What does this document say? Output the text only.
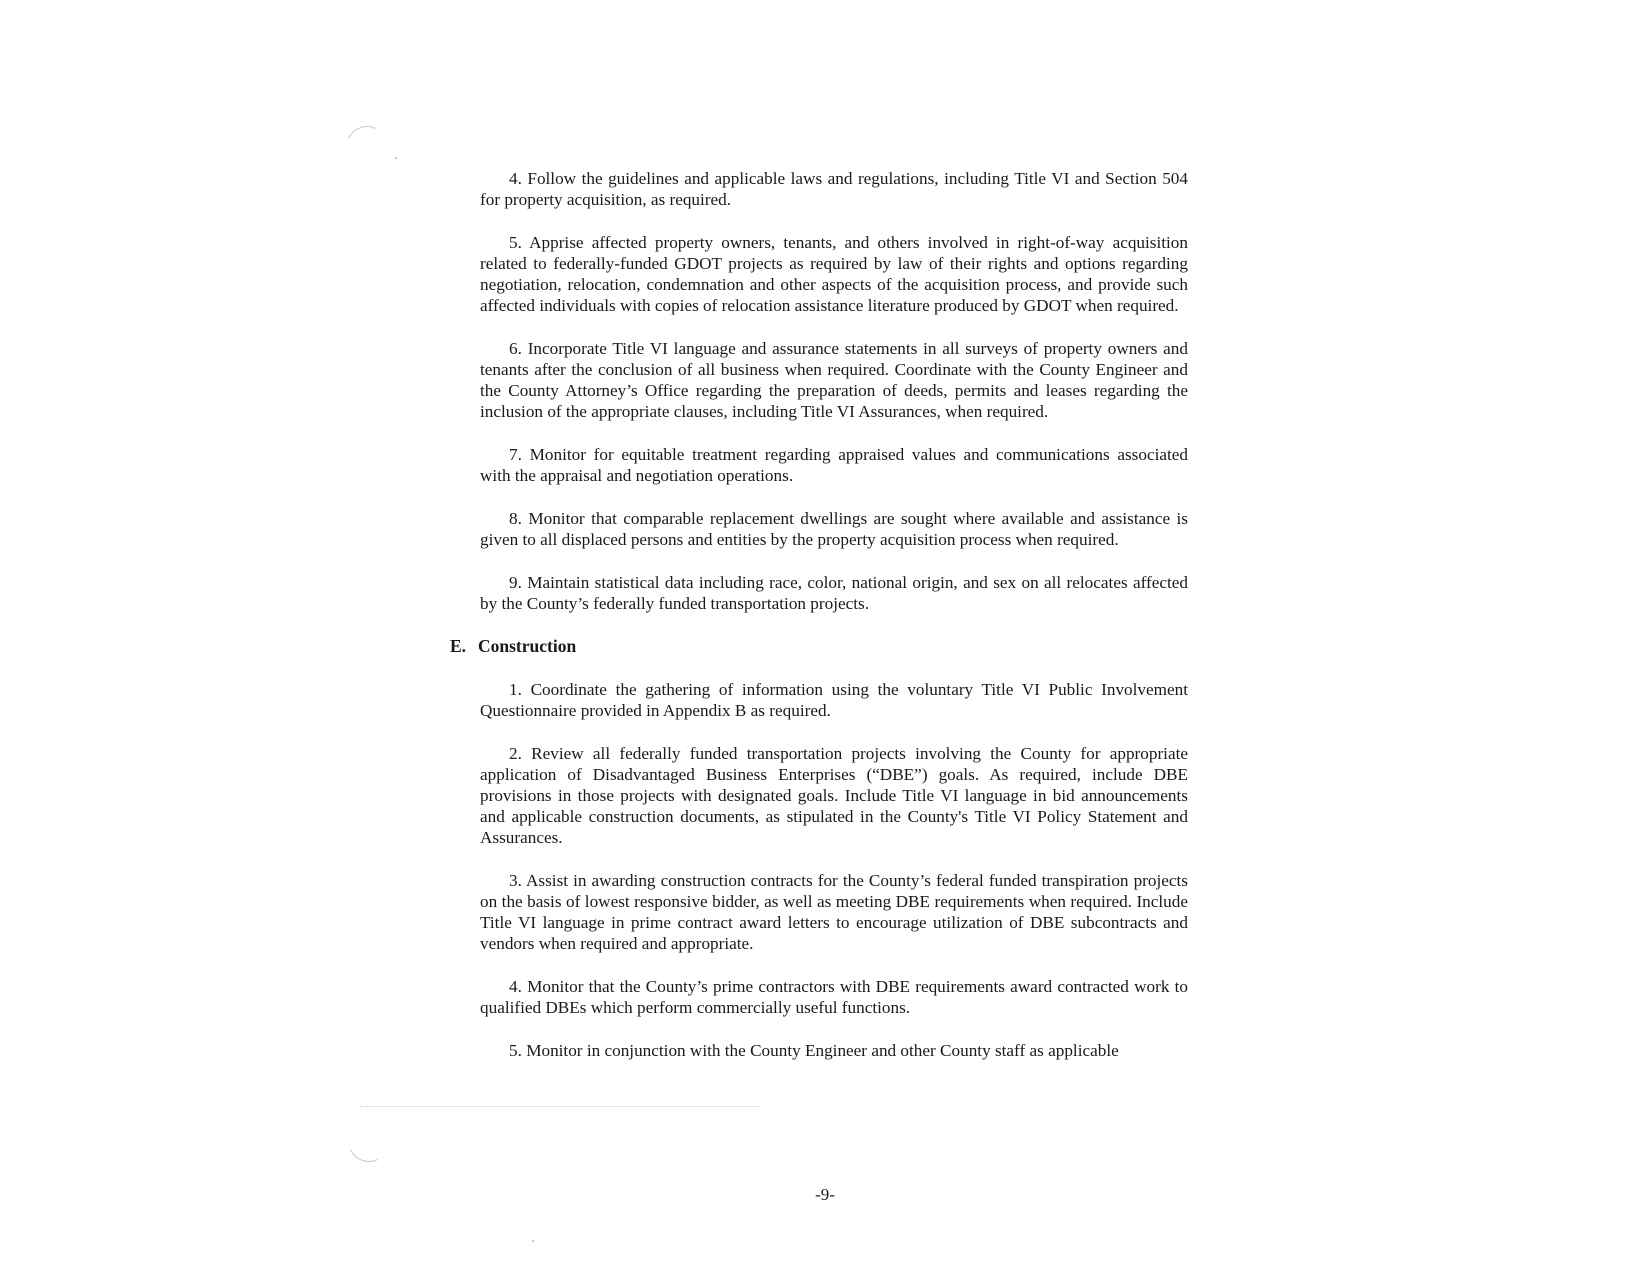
4. Follow the guidelines and applicable laws and regulations, including Title VI and Section 504 for property acquisition, as required.

5. Apprise affected property owners, tenants, and others involved in right-of-way acquisition related to federally-funded GDOT projects as required by law of their rights and options regarding negotiation, relocation, condemnation and other aspects of the acquisition process, and provide such affected individuals with copies of relocation assistance literature produced by GDOT when required.

6. Incorporate Title VI language and assurance statements in all surveys of property owners and tenants after the conclusion of all business when required. Coordinate with the County Engineer and the County Attorney’s Office regarding the preparation of deeds, permits and leases regarding the inclusion of the appropriate clauses, including Title VI Assurances, when required.

7. Monitor for equitable treatment regarding appraised values and communications associated with the appraisal and negotiation operations.

8. Monitor that comparable replacement dwellings are sought where available and assistance is given to all displaced persons and entities by the property acquisition process when required.

9. Maintain statistical data including race, color, national origin, and sex on all relocates affected by the County’s federally funded transportation projects.

E. Construction

1. Coordinate the gathering of information using the voluntary Title VI Public Involvement Questionnaire provided in Appendix B as required.

2. Review all federally funded transportation projects involving the County for appropriate application of Disadvantaged Business Enterprises (“DBE”) goals. As required, include DBE provisions in those projects with designated goals. Include Title VI language in bid announcements and applicable construction documents, as stipulated in the County's Title VI Policy Statement and Assurances.

3. Assist in awarding construction contracts for the County’s federal funded transpiration projects on the basis of lowest responsive bidder, as well as meeting DBE requirements when required. Include Title VI language in prime contract award letters to encourage utilization of DBE subcontracts and vendors when required and appropriate.

4. Monitor that the County’s prime contractors with DBE requirements award contracted work to qualified DBEs which perform commercially useful functions.

5. Monitor in conjunction with the County Engineer and other County staff as applicable

-9-
